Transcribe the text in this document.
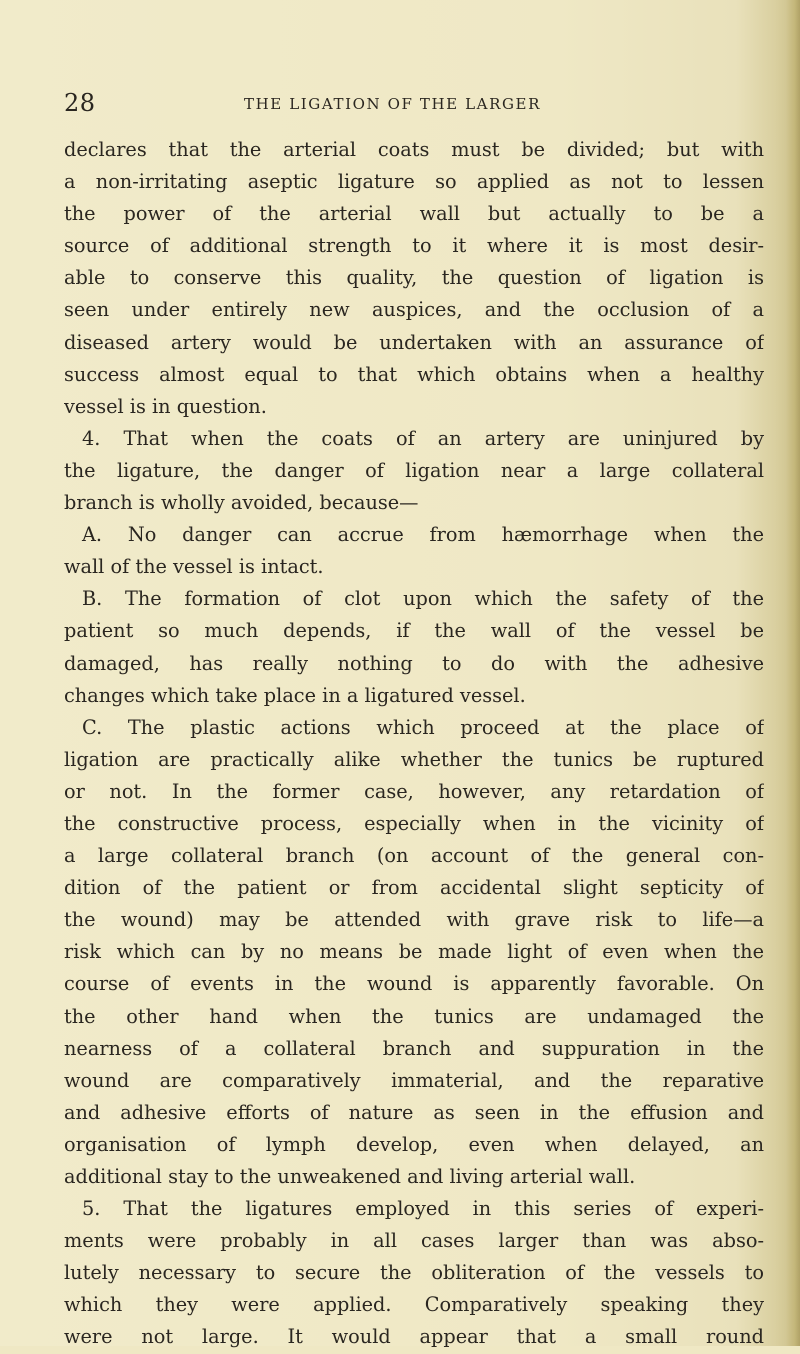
28	THE LIGATION OF THE LARGER
declares that the arterial coats must be divided; but with
a non-irritating aseptic ligature so applied as not to lessen
the power of the arterial wall but actually to be a
source of additional strength to it where it is most desir-
able to conserve this quality, the question of ligation is
seen under entirely new auspices, and the occlusion of a
diseased artery would be undertaken with an assurance of
success almost equal to that which obtains when a healthy
vessel is in question.
4. That when the coats of an artery are uninjured by
the ligature, the danger of ligation near a large collateral
branch is wholly avoided, because—
A. No danger can accrue from hæmorrhage when the
wall of the vessel is intact.
B. The formation of clot upon which the safety of the
patient so much depends, if the wall of the vessel be
damaged, has really nothing to do with the adhesive
changes which take place in a ligatured vessel.
C. The plastic actions which proceed at the place of
ligation are practically alike whether the tunics be ruptured
or not. In the former case, however, any retardation of
the constructive process, especially when in the vicinity of
a large collateral branch (on account of the general con-
dition of the patient or from accidental slight septicity of
the wound) may be attended with grave risk to life—a
risk which can by no means be made light of even when the
course of events in the wound is apparently favorable. On
the other hand when the tunics are undamaged the
nearness of a collateral branch and suppuration in the
wound are comparatively immaterial, and the reparative
and adhesive efforts of nature as seen in the effusion and
organisation of lymph develop, even when delayed, an
additional stay to the unweakened and living arterial wall.
5. That the ligatures employed in this series of experi-
ments were probably in all cases larger than was abso-
lutely necessary to secure the obliteration of the vessels to
which they were applied. Comparatively speaking they
were not large. It would appear that a small round
